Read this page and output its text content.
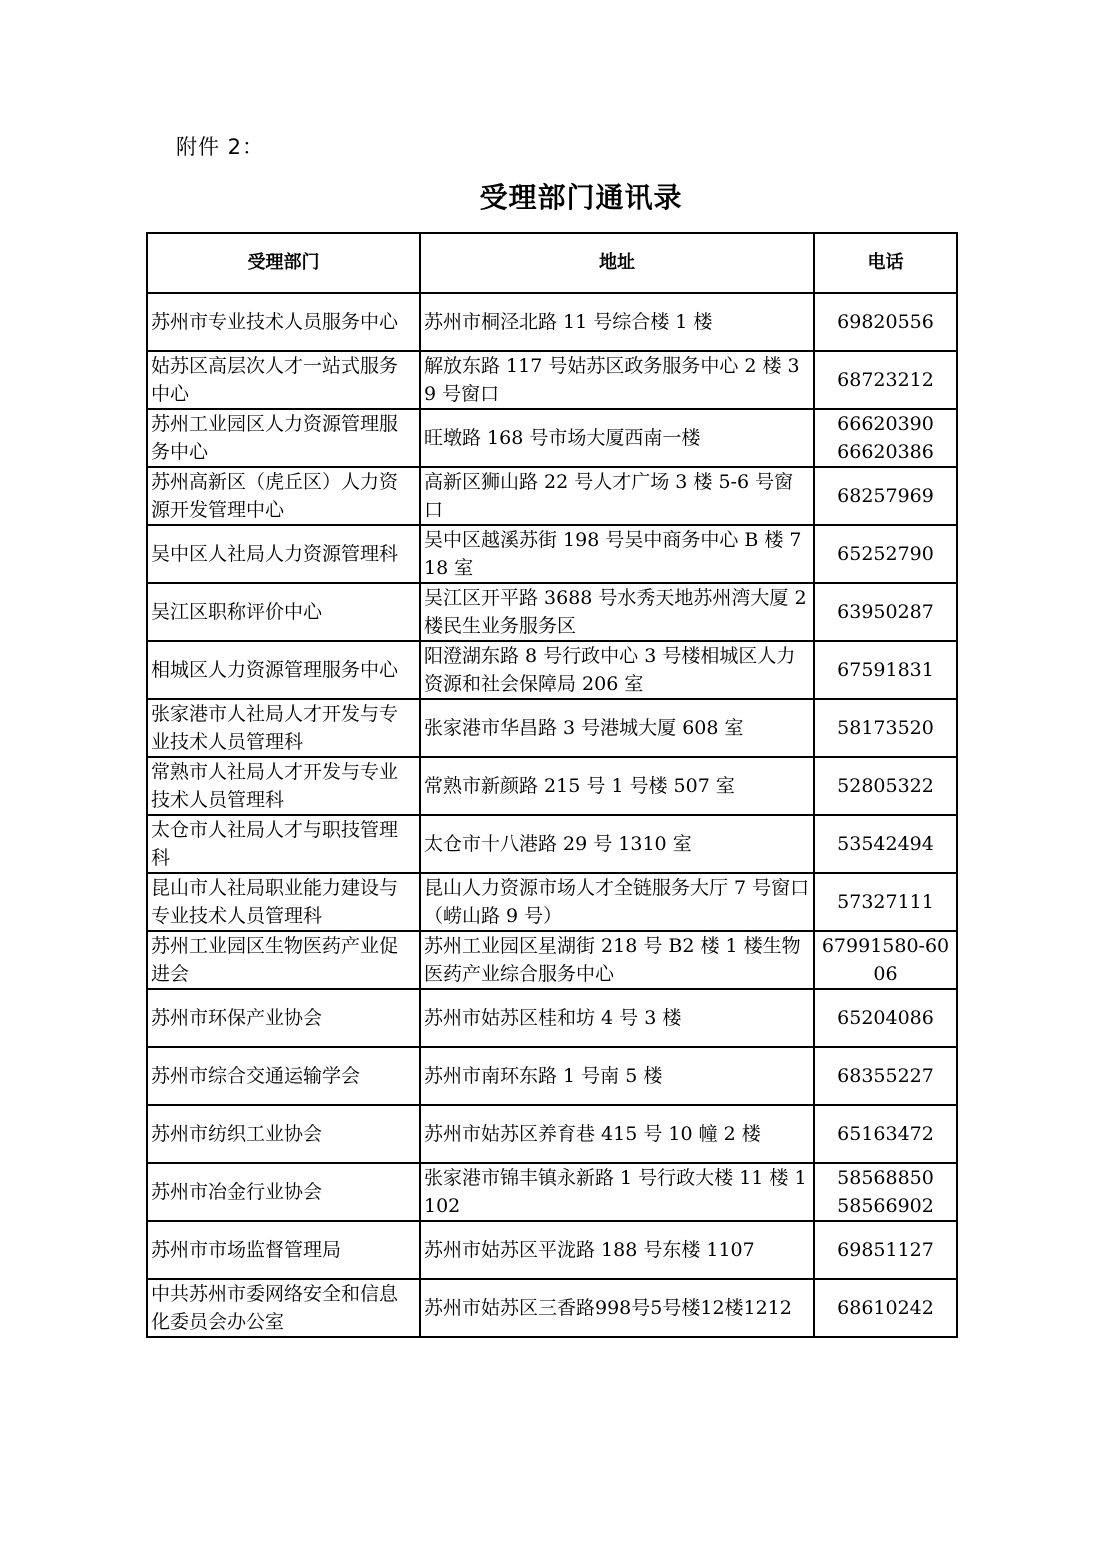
附件 2：
受理部门通讯录
受理部门	地址	电话
苏州市专业技术人员服务中心	苏州市桐泾北路 11 号综合楼 1 楼	69820556

姑苏区高层次人才一站式服务中心	解放东路 117 号姑苏区政务服务中心 2 楼 39 号窗口	68723212

苏州工业园区人力资源管理服务中心	旺墩路 168 号市场大厦西南一楼	66620390
66620386

苏州高新区（虎丘区）人力资源开发管理中心	高新区狮山路 22 号人才广场 3 楼 5-6 号窗口	68257969

吴中区人社局人力资源管理科	吴中区越溪苏街 198 号吴中商务中心 B 楼 718 室	65252790

吴江区职称评价中心	吴江区开平路 3688 号水秀天地苏州湾大厦 2 楼民生业务服务区	63950287

相城区人力资源管理服务中心	阳澄湖东路 8 号行政中心 3 号楼相城区人力资源和社会保障局 206 室	67591831

张家港市人社局人才开发与专业技术人员管理科	张家港市华昌路 3 号港城大厦 608 室	58173520

常熟市人社局人才开发与专业技术人员管理科	常熟市新颜路 215 号 1 号楼 507 室	52805322

太仓市人社局人才与职技管理科	太仓市十八港路 29 号 1310 室	53542494

昆山市人社局职业能力建设与专业技术人员管理科	昆山人力资源市场人才全链服务大厅 7 号窗口（崂山路 9 号）	57327111

苏州工业园区生物医药产业促进会	苏州工业园区星湖街 218 号 B2 楼 1 楼生物医药产业综合服务中心	67991580-6006

苏州市环保产业协会	苏州市姑苏区桂和坊 4 号 3 楼	65204086

苏州市综合交通运输学会	苏州市南环东路 1 号南 5 楼	68355227

苏州市纺织工业协会	苏州市姑苏区养育巷 415 号 10 幢 2 楼	65163472

苏州市冶金行业协会	张家港市锦丰镇永新路 1 号行政大楼 11 楼 1102	58568850
58566902

苏州市市场监督管理局	苏州市姑苏区平泷路 188 号东楼 1107	69851127

中共苏州市委网络安全和信息化委员会办公室	苏州市姑苏区三香路998号5号楼12楼1212	68610242
